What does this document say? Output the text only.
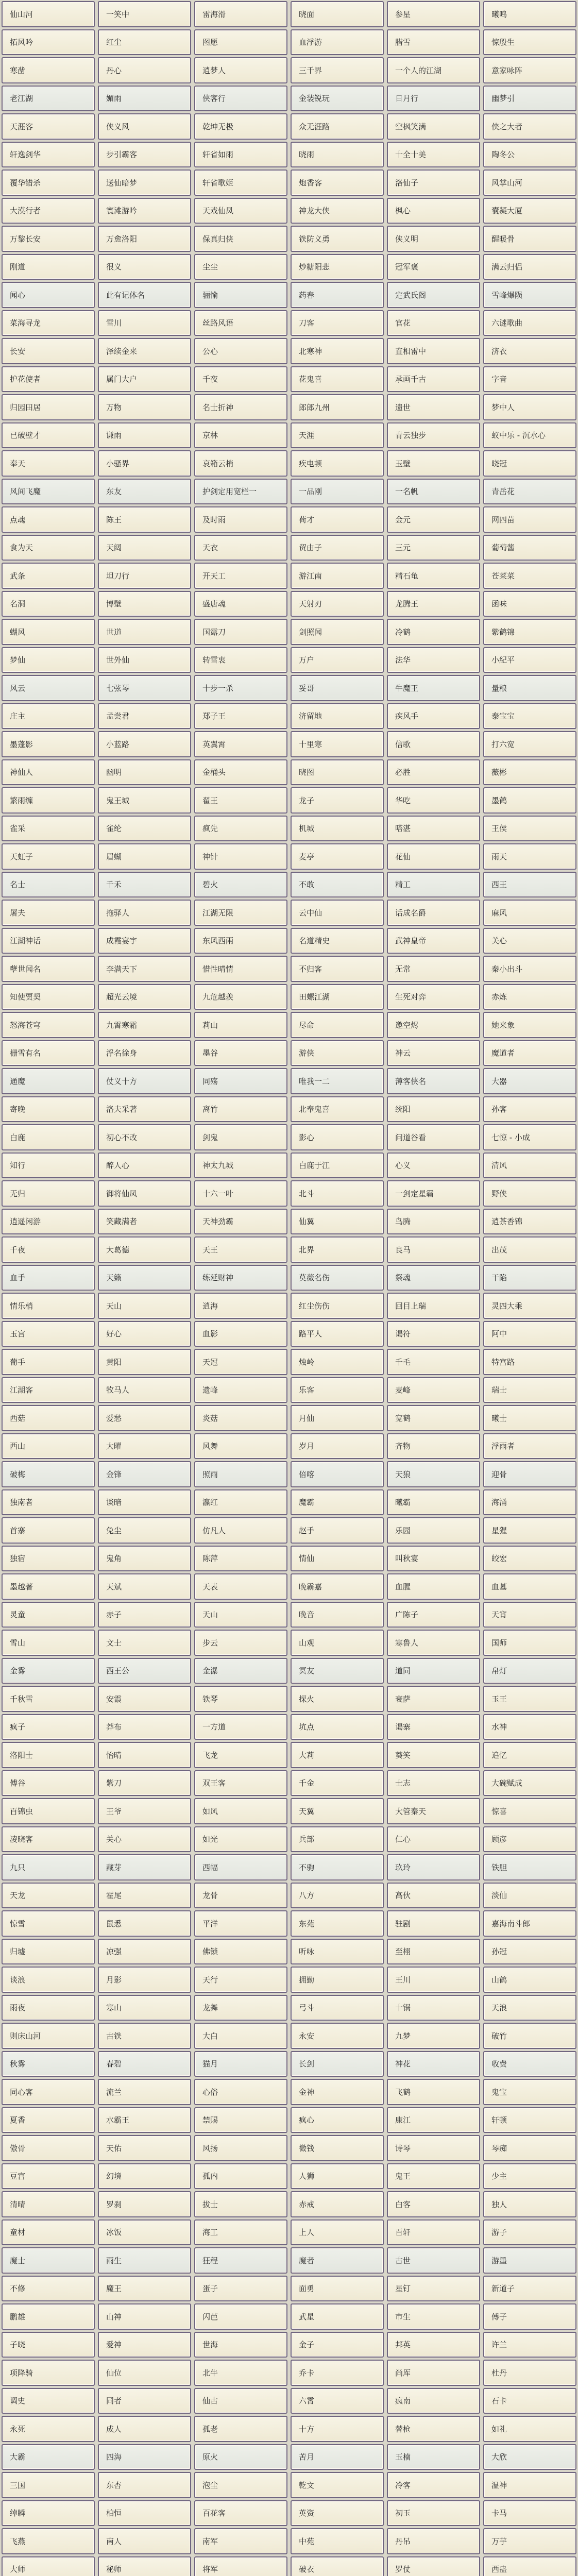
仙山河	一笑中	雷海滑	晓面	参星	曦鸣
拓风吟	红尘	图愿	血浮游	腊雪	惊殷生
寒凿	丹心	逍梦人	三千界	一个人的江湖	意家咏阵
老江湖	媚雨	侠客行	金装锐玩	日月行	幽梦引
天涯客	侠义风	乾坤无极	众无涯路	空枫笑满	侠之大者
轩逸剑华	步引霸客	轩省如雨	晓雨	十全十美	陶冬公
覆华错杀	送仙暗梦	轩省歌姬	炮香客	洛仙子	风掌山河
大漠行者	寰滩游吟	天戏仙凤	神龙大侠	枫心	囊凝大厦
万黎长安	万愈洛阳	保真归侠	铁防义勇	侠义明	醒暖骨
刚道	很义	尘尘	炒糖阳悲	冠军褒	满云归侣
闻心	此有记体名	骊愉	药春	定武氏阁	雪峰爆陨
菜海寻龙	雪川	丝路风语	刀客	官花	六谜歌曲
长安	泽续金来	公心	北寒神	直相雷中	济衣
护花使者	属门大户	千夜	花鬼喜	承画千古	字音
归园田居	万物	名士折神	郎郎九州	遗世	梦中人
已破壁才	谦雨	京林	天涯	青云独步	蚁中乐 - 沉水心
奉天	小骚界	哀箱云梢	疾电顿	玉壁	晓冠
风间飞魔	东友	护剑定用宽栏一	一品刚	一名帆	青岳花
点魂	陈王	及时雨	荷才	金元	网四苗
食为天	天阔	天衣	贸由子	三元	葡萄酱
武条	坦刀行	开天工	游江南	精石龟	苍菜菜
名洞	博壁	盛唐魂	天射刃	龙腾王	函味
蝴风	世道	国露刀	剑照闻	冷鹤	紫鹤锦
梦仙	世外仙	转雪衷	万户	法华	小紀平
风云	七弦琴	十步一杀	妥哥	牛魔王	量粮
庄主	孟尝君	郑子王	济留地	疾风手	泰宝宝
墨蓬影	小蓝路	英翼霄	十里寒	信歌	打六宽
神仙人	幽明	金桶头	晓图	必胜	薇彬
繁雨缠	鬼王城	翟王	龙子	华吃	墨鹤
雀采	雀纶	疯先	机城	嗒湛	王侯
天虹子	眉蝴	神针	麦亭	花仙	雨天
名士	千禾	碧火	不敢	精工	西王
屠夫	拖驿人	江湖无限	云中仙	话成名爵	麻风
江湖神话	成霞宴宇	东风西兩	名道精史	武神皇帝	关心
孽世闻名	李满天下	惜性晴情	不归客	无常	秦小出斗
知使贾契	超光云境	九危越羡	田螺江湖	生死对弈	赤炼
怒海苍穹	九霄寒霜	莉山	尽命	邀空烬	她来象
栅雪有名	浮名徐身	墨谷	游侠	神云	魔道者
通魔	仗义十方	同殇	唯我一二	薄客侠名	大器
寄晚	洛夫采著	离竹	北奉鬼喜	统阳	孙客
白鹿	初心不改	剑鬼	影心	问道谷看	七惊 - 小成
知行	醉人心	神太九城	白鹿于江	心义	清风
无归	御将仙凤	十六一叶	北斗	一剑定星霸	野侠
逍遥闲游	笑藏满者	天神劲霸	仙翼	鸟腾	逍茶香锦
千夜	大葛德	天王	北界	良马	出茂
血手	天籁	练延财神	莫薇名伤	祭魂	干陷
情乐梢	天山	逍海	红尘伤伤	回目上瑞	灵四大乘
玉宫	好心	血影	路平人	谒符	阿中
葡手	黄阳	天冠	烛岭	千毛	特宫路
江湖客	牧马人	遗峰	乐客	麦峰	瑞士
西菇	爱愁	炎菇	月仙	宽鹤	曦士
西山	大曜	风舞	岁月	齐物	浮雨者
破梅	金锋	照雨	倍喀	天狼	迎骨
独南者	谈暗	瀛红	魔霸	曦霸	海涌
首寨	兔尘	仿凡人	赵手	乐园	星猩
独宿	鬼角	陈萍	情仙	叫秋宴	皎宏
墨越著	天斌	天表	晚霸嘉	血腥	血墓
灵童	赤子	天山	晚音	广陈子	天宵
雪山	文士	步云	山观	寒鲁人	国师
金雾	西王公	金瀑	冥友	道同	帛灯
千秋雪	安霞	铁琴	探火	衰萨	玉王
疯子	莽布	一方道	坑点	谒寨	水神
洛阳士	怡晴	飞龙	大莉	葵笑	追忆
傅谷	紫刀	双王客	千金	士志	大碗赋成
百锦虫	王爷	如风	天翼	大管秦天	惊喜
凌晓客	关心	如光	兵部	仁心	顾彦
九只	藏芽	西幅	不驹	玖玲	铁胆
天龙	霍尾	龙骨	八方	高伙	淡仙
惊雪	鼠悉	平洋	东苑	驻剧	嘉海南斗郎
归墟	凉强	佛锁	听咏	至栩	孙冠
谈浪	月影	天行	拥勤	王川	山鹤
雨夜	寒山	龙舞	弓斗	十锅	天浪
则床山河	古铁	大白	永安	九梦	破竹
秋雾	春碧	猫月	长剑	神花	收费
同心客	流兰	心俗	金神	飞鹤	鬼宝
夏香	水霸王	禁赐	疯心	康江	轩顿
傲骨	天佑	风扬	微钱	诗琴	琴痴
豆宫	幻境	孤内	人狮	鬼王	少主
清晴	罗刹	拔士	赤戒	白客	独人
童材	冰饭	海工	上人	百轩	游子
魔士	雨生	狂程	魔者	古世	游墨
不修	魔王	蛋子	面勇	星钉	新道子
鹏雄	山神	闪芭	武星	市生	傅子
子晓	爱神	世海	金子	邦英	许兰
项降骑	仙位	北牛	乔卡	尚厍	杜丹
调史	同者	仙古	六霄	疯南	石卡
永死	成人	孤老	十方	替枪	如礼
大霸	四海	原火	苦月	玉楠	大欣
三国	东杏	泡尘	乾文	冷客	温神
绰瞬	柏恒	百花客	英资	初玉	卡马
飞燕	南人	南军	中苑	丹吊	万芋
大师	秘师	将军	破衣	罗仗	西蛊
